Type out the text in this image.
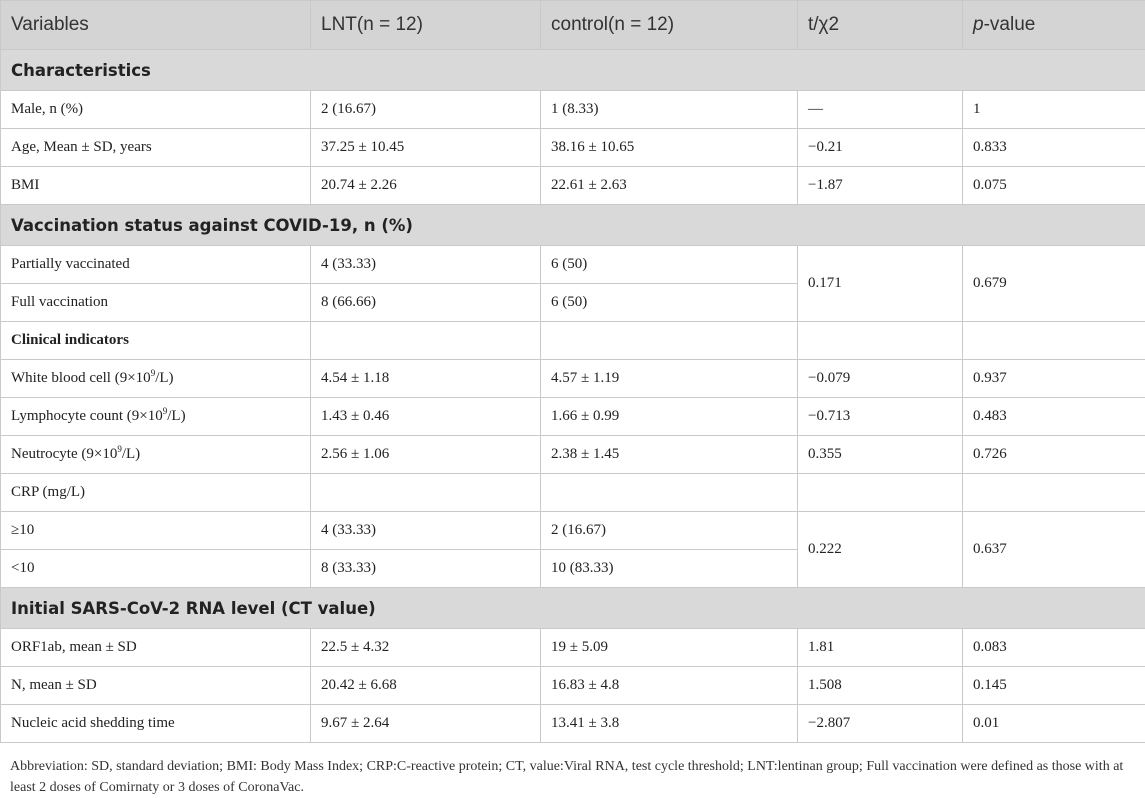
Variables	LNT(n = 12)	control(n = 12)	t/χ2	p-value
Characteristics				
Male, n (%)	2 (16.67)	1 (8.33)	—	1
Age, Mean ± SD, years	37.25 ± 10.45	38.16 ± 10.65	−0.21	0.833
BMI	20.74 ± 2.26	22.61 ± 2.63	−1.87	0.075
Vaccination status against COVID-19, n (%)				
Partially vaccinated	4 (33.33)	6 (50)	0.171	0.679
Full vaccination	8 (66.66)	6 (50)		
Clinical indicators				
White blood cell $(9\times 10^9/L)$	4.54 ± 1.18	4.57 ± 1.19	−0.079	0.937
Lymphocyte count $(9\times 10^9/L)$	1.43 ± 0.46	1.66 ± 0.99	−0.713	0.483
Neutrocyte $(9\times 10^9/L)$	2.56 ± 1.06	2.38 ± 1.45	0.355	0.726
CRP (mg/L)				
≥10	4 (33.33)	2 (16.67)	0.222	0.637
<10	8 (33.33)	10 (83.33)		
Initial SARS-CoV-2 RNA level (CT value)				
ORF1ab, mean ± SD	22.5 ± 4.32	19 ± 5.09	1.81	0.083
N, mean ± SD	20.42 ± 6.68	16.83 ± 4.8	1.508	0.145
Nucleic acid shedding time	9.67 ± 2.64	13.41 ± 3.8	−2.807	0.01
Abbreviation: SD, standard deviation; BMI: Body Mass Index; CRP:C-reactive protein; CT, value:Viral RNA, test cycle threshold; LNT:lentinan group; Full vaccination were defined as those with at least 2 doses of Comirnaty or 3 doses of CoronaVac.
